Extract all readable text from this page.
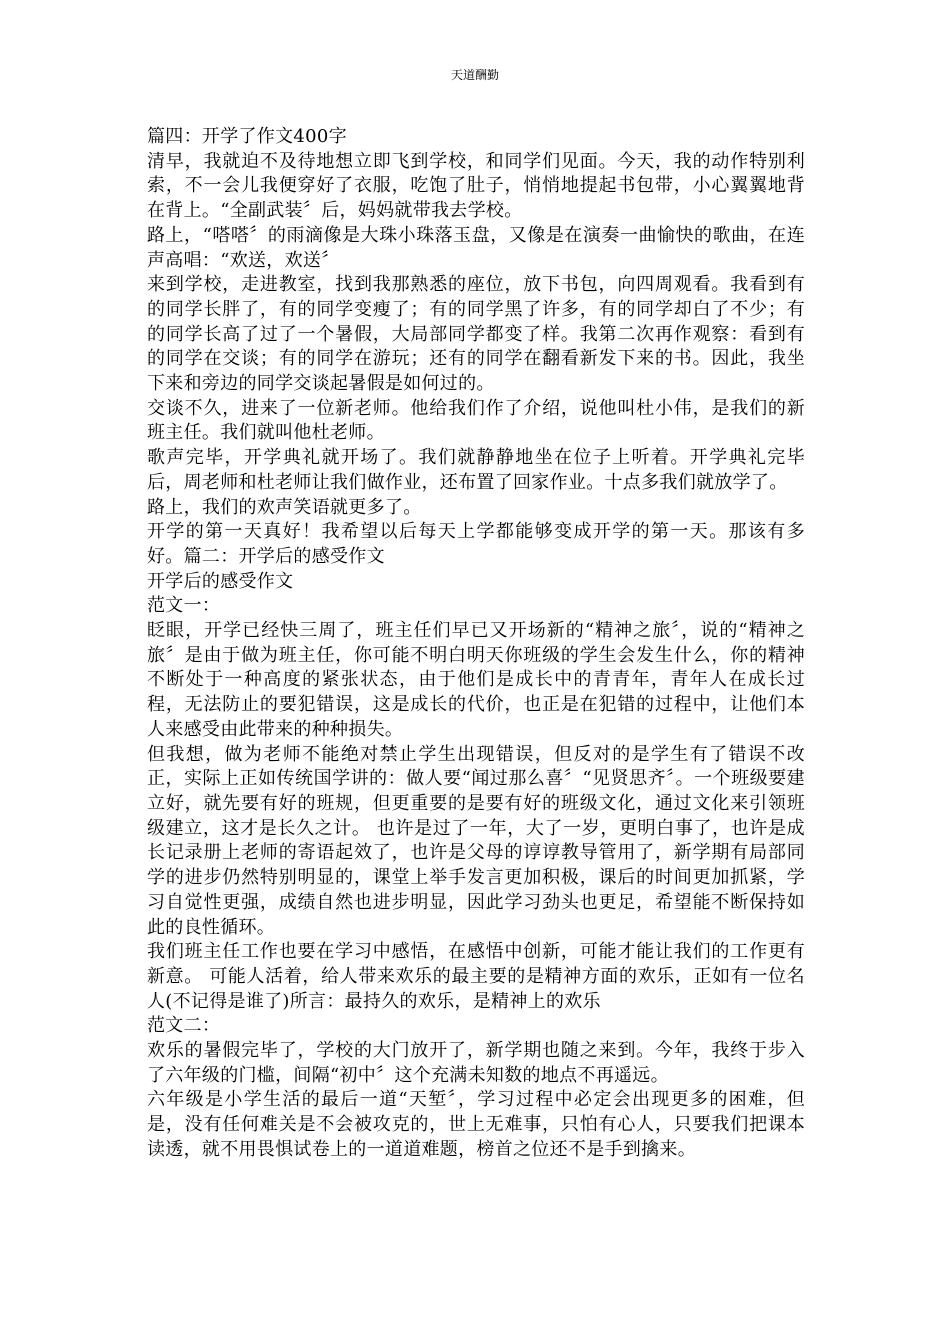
天道酬勤

篇四：开学了作文400字

清早，我就迫不及待地想立即飞到学校，和同学们见面。今天，我的动作特别利索，不一会儿我便穿好了衣服，吃饱了肚子，悄悄地提起书包带，小心翼翼地背在背上。“全副武装〞后，妈妈就带我去学校。

路上，“嗒嗒〞的雨滴像是大珠小珠落玉盘，又像是在演奏一曲愉快的歌曲，在连声高唱：“欢送，欢送〞

来到学校，走进教室，找到我那熟悉的座位，放下书包，向四周观看。我看到有的同学长胖了，有的同学变瘦了；有的同学黑了许多，有的同学却白了不少；有的同学长高了过了一个暑假，大局部同学都变了样。我第二次再作观察：看到有的同学在交谈；有的同学在游玩；还有的同学在翻看新发下来的书。因此，我坐下来和旁边的同学交谈起暑假是如何过的。

交谈不久，进来了一位新老师。他给我们作了介绍，说他叫杜小伟，是我们的新班主任。我们就叫他杜老师。

歌声完毕，开学典礼就开场了。我们就静静地坐在位子上听着。开学典礼完毕后，周老师和杜老师让我们做作业，还布置了回家作业。十点多我们就放学了。

路上，我们的欢声笑语就更多了。

开学的第一天真好！我希望以后每天上学都能够变成开学的第一天。那该有多好。篇二：开学后的感受作文

开学后的感受作文

范文一：

眨眼，开学已经快三周了，班主任们早已又开场新的“精神之旅〞，说的“精神之旅〞是由于做为班主任，你可能不明白明天你班级的学生会发生什么，你的精神不断处于一种高度的紧张状态，由于他们是成长中的青青年，青年人在成长过程，无法防止的要犯错误，这是成长的代价，也正是在犯错的过程中，让他们本人来感受由此带来的种种损失。

但我想，做为老师不能绝对禁止学生出现错误，但反对的是学生有了错误不改正，实际上正如传统国学讲的：做人要“闻过那么喜〞“见贤思齐〞。一个班级要建立好，就先要有好的班规，但更重要的是要有好的班级文化，通过文化来引领班级建立，这才是长久之计。 也许是过了一年，大了一岁，更明白事了，也许是成长记录册上老师的寄语起效了，也许是父母的谆谆教导管用了，新学期有局部同学的进步仍然特别明显的，课堂上举手发言更加积极，课后的时间更加抓紧，学习自觉性更强，成绩自然也进步明显，因此学习劲头也更足，希望能不断保持如此的良性循环。

我们班主任工作也要在学习中感悟，在感悟中创新，可能才能让我们的工作更有新意。 可能人活着，给人带来欢乐的最主要的是精神方面的欢乐，正如有一位名人(不记得是谁了)所言：最持久的欢乐，是精神上的欢乐

范文二：

欢乐的暑假完毕了，学校的大门放开了，新学期也随之来到。今年，我终于步入了六年级的门槛，间隔“初中〞这个充满未知数的地点不再遥远。

六年级是小学生活的最后一道“天堑〞，学习过程中必定会出现更多的困难，但是，没有任何难关是不会被攻克的，世上无难事，只怕有心人，只要我们把课本读透，就不用畏惧试卷上的一道道难题，榜首之位还不是手到擒来。
